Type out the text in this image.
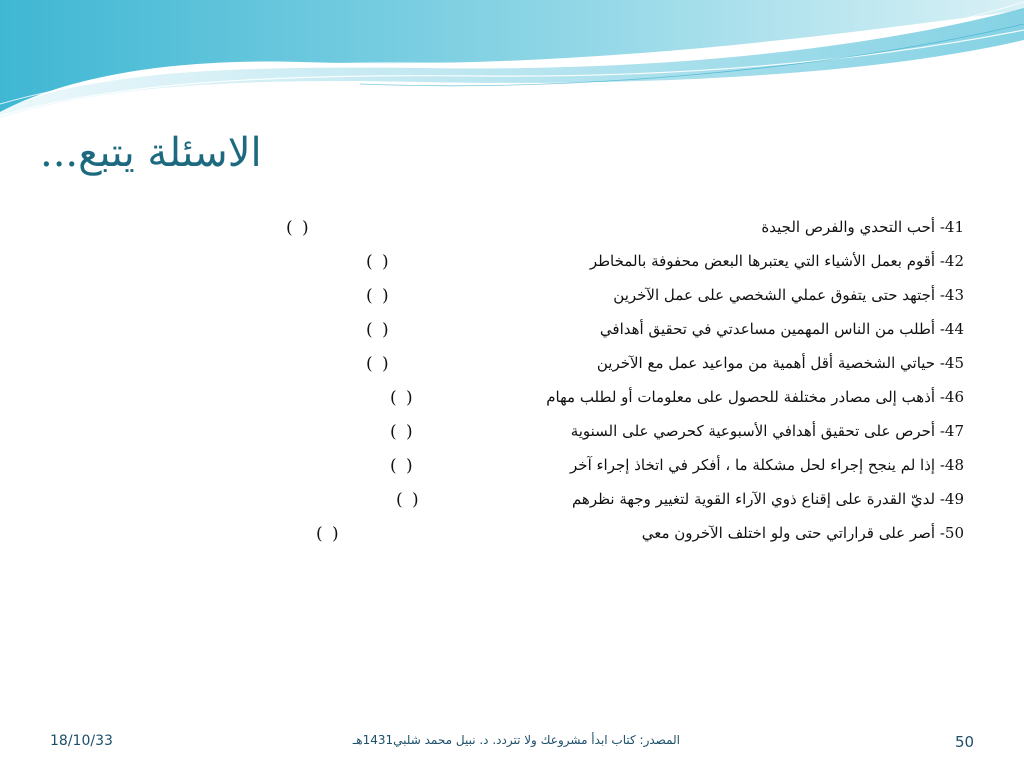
الاسئلة يتبع...
41- أحب التحدي والفرص الجيدة
( )
42- أقوم بعمل الأشياء التي يعتبرها البعض محفوفة بالمخاطر
( )
43- أجتهد حتى يتفوق عملي الشخصي على عمل الآخرين
( )
44- أطلب من الناس المهمين مساعدتي في تحقيق أهدافي
( )
45- حياتي الشخصية أقل أهمية من مواعيد عمل مع الآخرين
( )
46- أذهب إلى مصادر مختلفة للحصول على معلومات أو لطلب مهام
( )
47- أحرص على تحقيق أهدافي الأسبوعية كحرصي على السنوية
( )
48- إذا لم ينجح إجراء لحل مشكلة ما ، أفكر في اتخاذ إجراء آخر
( )
49- لديّ القدرة على إقناع ذوي الآراء القوية لتغيير وجهة نظرهم
( )
50- أصر على قراراتي حتى ولو اختلف الآخرون معي
( )
18/10/33	المصدر: كتاب ابدأ مشروعك ولا تتردد. د. نبيل محمد شلبي1431هـ	50
